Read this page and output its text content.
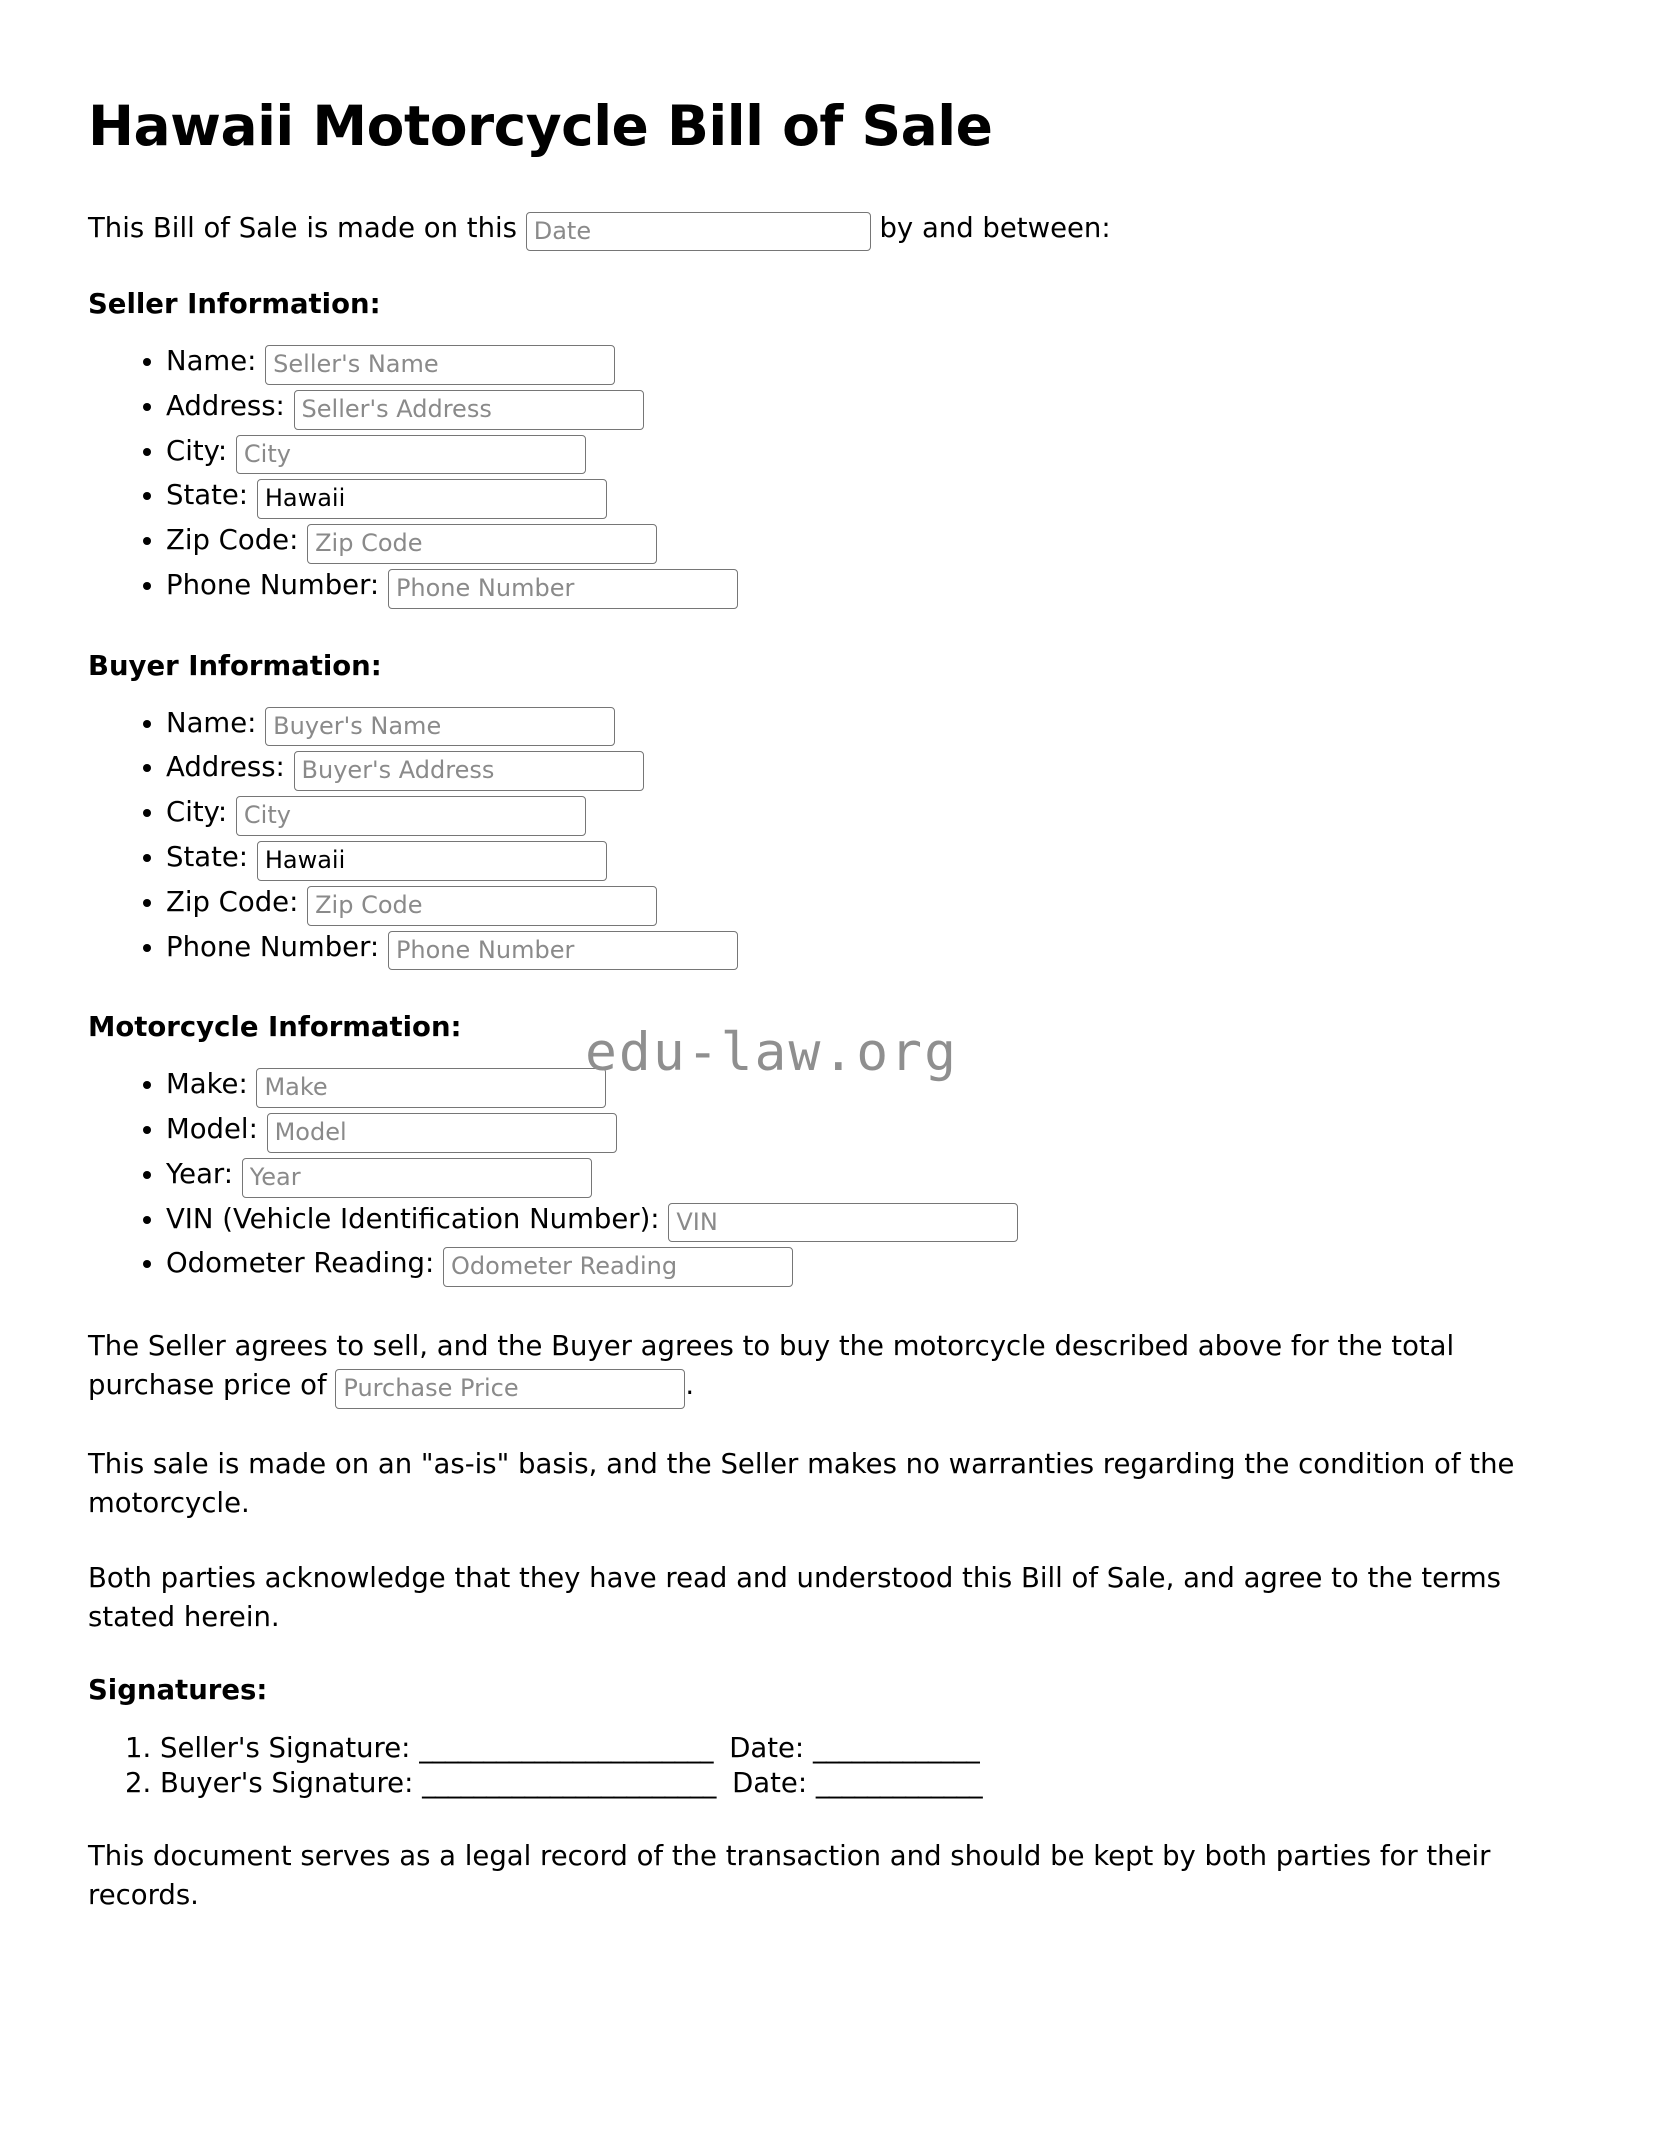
edu-law.org
Hawaii Motorcycle Bill of Sale
This Bill of Sale is made on this Date	by and between:
Seller Information:
• Name: Seller's Name
• Address: Seller's Address
• City: City
• State: Hawaii
• Zip Code: Zip Code
• Phone Number: Phone Number
Buyer Information:
• Name: Buyer's Name
• Address: Buyer's Address
• City: City
• State: Hawaii
• Zip Code: Zip Code
• Phone Number: Phone Number
Motorcycle Information:
• Make: Make
• Model: Model
• Year: Year
• VIN (Vehicle Identification Number): VIN
• Odometer Reading: Odometer Reading

The Seller agrees to sell, and the Buyer agrees to buy the motorcycle described above for the total purchase price of Purchase Price	.

This sale is made on an "as-is" basis, and the Seller makes no warranties regarding the condition of the motorcycle.

Both parties acknowledge that they have read and understood this Bill of Sale, and agree to the terms stated herein.

Signatures:
1. Seller's Signature: _______________________ Date: _____________
2. Buyer's Signature: _______________________ Date: _____________

This document serves as a legal record of the transaction and should be kept by both parties for their records.
